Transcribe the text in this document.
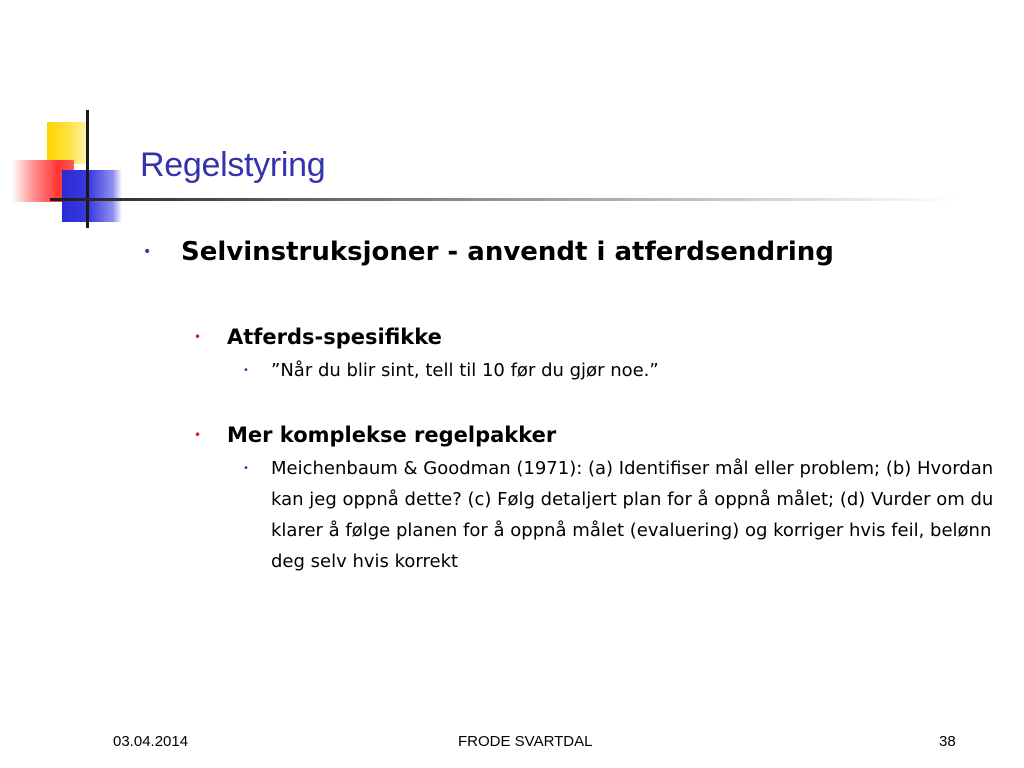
Regelstyring
• Selvinstruksjoner - anvendt i atferdsendring
• Atferds-spesifikke
• ”Når du blir sint, tell til 10 før du gjør noe.”
• Mer komplekse regelpakker
• Meichenbaum & Goodman (1971): (a) Identifiser mål eller problem; (b) Hvordan kan jeg oppnå dette? (c) Følg detaljert plan for å oppnå målet; (d) Vurder om du klarer å følge planen for å oppnå målet (evaluering) og korriger hvis feil, belønn deg selv hvis korrekt
03.04.2014	FRODE SVARTDAL	38
